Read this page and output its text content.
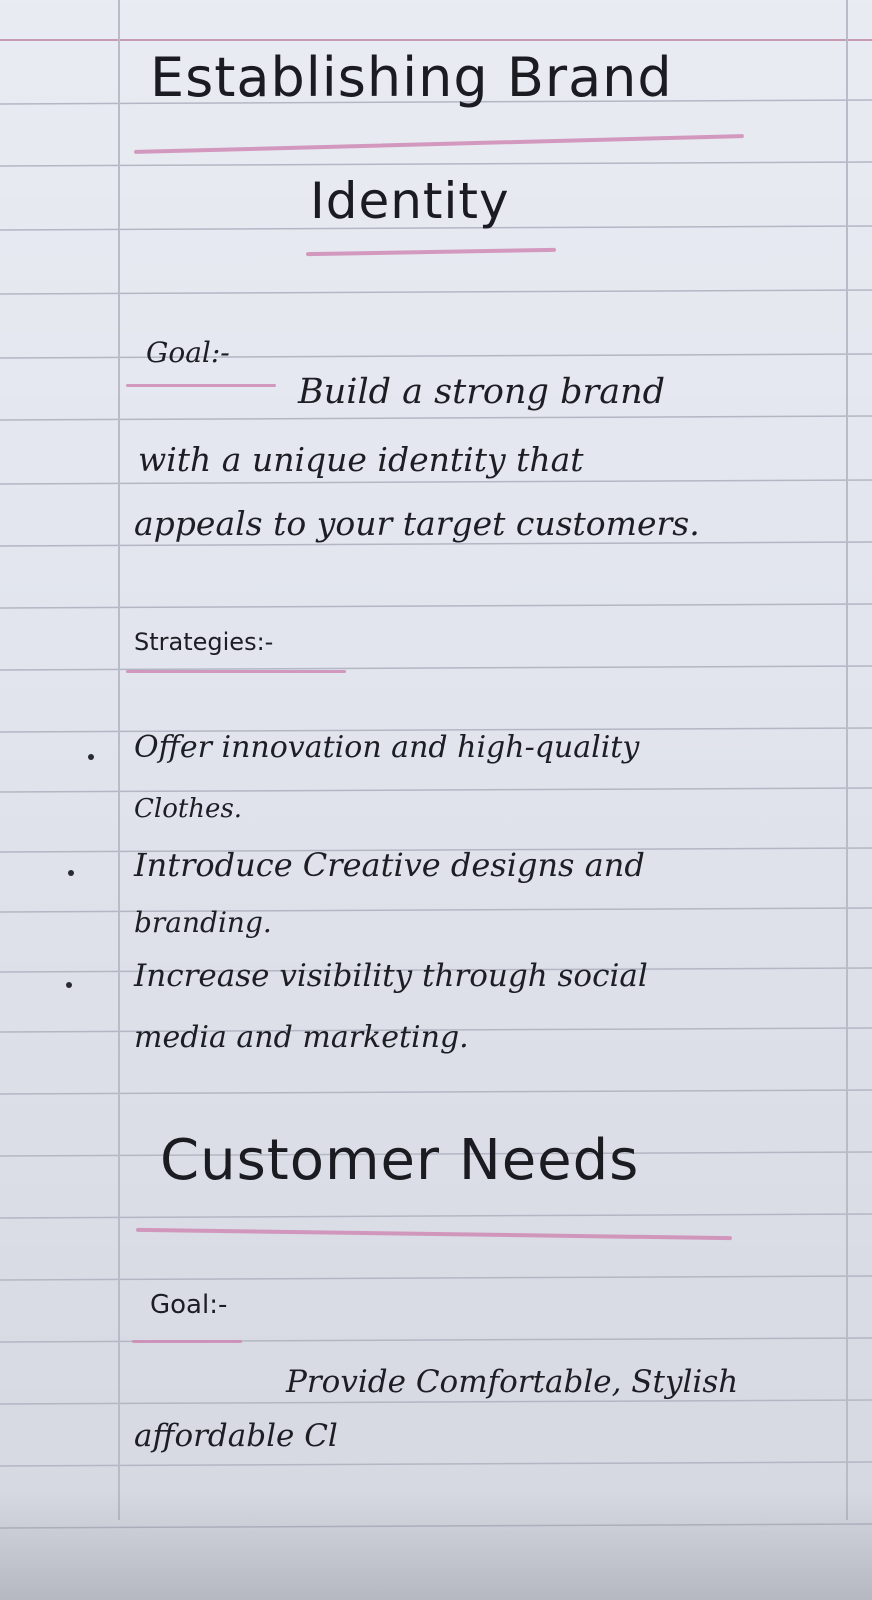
Establishing Brand
Identity

Goal:-

Build a strong brand

with a unique identity that

appeals to your target customers.

Strategies:-

Offer innovation and high-quality

Clothes.

Introduce Creative designs and

branding.

Increase visibility through social

media and marketing.

Customer Needs

Goal:-

Provide Comfortable, Stylish

affordable Cl
